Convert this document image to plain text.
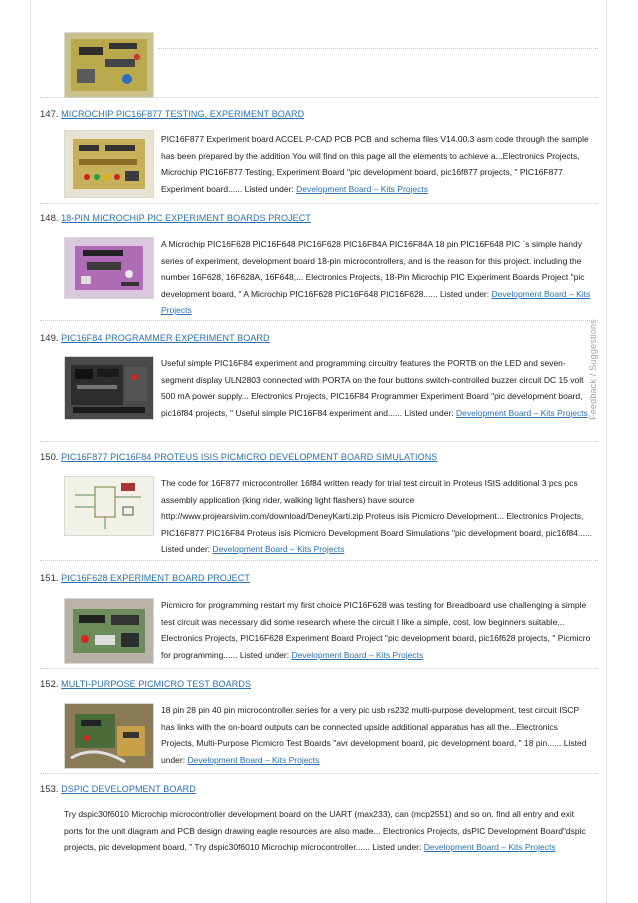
Feedback / Suggestions
147. MICROCHIP PIC16F877 TESTING, EXPERIMENT BOARD
PIC16F877 Experiment board ACCEL P-CAD PCB PCB and schema files V14.00.3 asm code through the sample has been prepared by the addition You will find on this page all the elements to achieve a...Electronics Projects, Microchip PIC16F877 Testing, Experiment Board "pic development board, pic16f877 projects, " PIC16F877 Experiment board...... Listed under: Development Board – Kits Projects
148. 18-PIN MICROCHIP PIC EXPERIMENT BOARDS PROJECT
A Microchip PIC16F628 PIC16F648 PIC16F628 PIC16F84A PIC16F84A 18 pin PIC16F648 PIC `s simple handy series of experiment, development board 18-pin microcontrollers, and is the reason for this project. including the number 16F628, 16F628A, 16F648,... Electronics Projects, 18-Pin Microchip PIC Experiment Boards Project "pic development board, " A Microchip PIC16F628 PIC16F648 PIC16F628...... Listed under: Development Board – Kits Projects
149. PIC16F84 PROGRAMMER EXPERIMENT BOARD
Useful simple PIC16F84 experiment and programming circuitry features the PORTB on the LED and seven-segment display ULN2803 connected with PORTA on the four buttons switch-controlled buzzer circuit DC 15 volt 500 mA power supply... Electronics Projects, PIC16F84 Programmer Experiment Board "pic development board, pic16f84 projects, " Useful simple PIC16F84 experiment and...... Listed under: Development Board – Kits Projects
150. PIC16F877 PIC16F84 PROTEUS ISIS PICMICRO DEVELOPMENT BOARD SIMULATIONS
The code for 16F877 microcontroller 16f84 written ready for trial test circuit in Proteus ISIS additional 3 pcs pcs assembly application (king rider, walking light flashers) have source http://www.projearsivim.com/download/DeneyKarti.zip Proteus isis Picmicro Development... Electronics Projects, PIC16F877 PIC16F84 Proteus isis Picmicro Development Board Simulations "pic development board, pic16f84...... Listed under: Development Board – Kits Projects
151. PIC16F628 EXPERIMENT BOARD PROJECT
Picmicro for programming restart my first choice PIC16F628 was testing for Breadboard use challenging a simple test circuit was necessary did some research where the circuit I like a simple, cost, low beginners suitable... Electronics Projects, PIC16F628 Experiment Board Project "pic development board, pic16f628 projects, " Picmicro for programming...... Listed under: Development Board – Kits Projects
152. MULTI-PURPOSE PICMICRO TEST BOARDS
18 pin 28 pin 40 pin microcontroller series for a very pic usb rs232 multi-purpose development, test circuit ISCP has links with the on-board outputs can be connected upside additional apparatus has all the...Electronics Projects, Multi-Purpose Picmicro Test Boards "avr development board, pic development board, " 18 pin...... Listed under: Development Board – Kits Projects
153. DSPIC DEVELOPMENT BOARD
Try dspic30f6010 Microchip microcontroller development board on the UART (max233), can (mcp2551) and so on. find all entry and exit ports for the unit diagram and PCB design drawing eagle resources are also made... Electronics Projects, dsPIC Development Board"dspic projects, pic development board, " Try dspic30f6010 Microchip microcontroller...... Listed under: Development Board – Kits Projects
